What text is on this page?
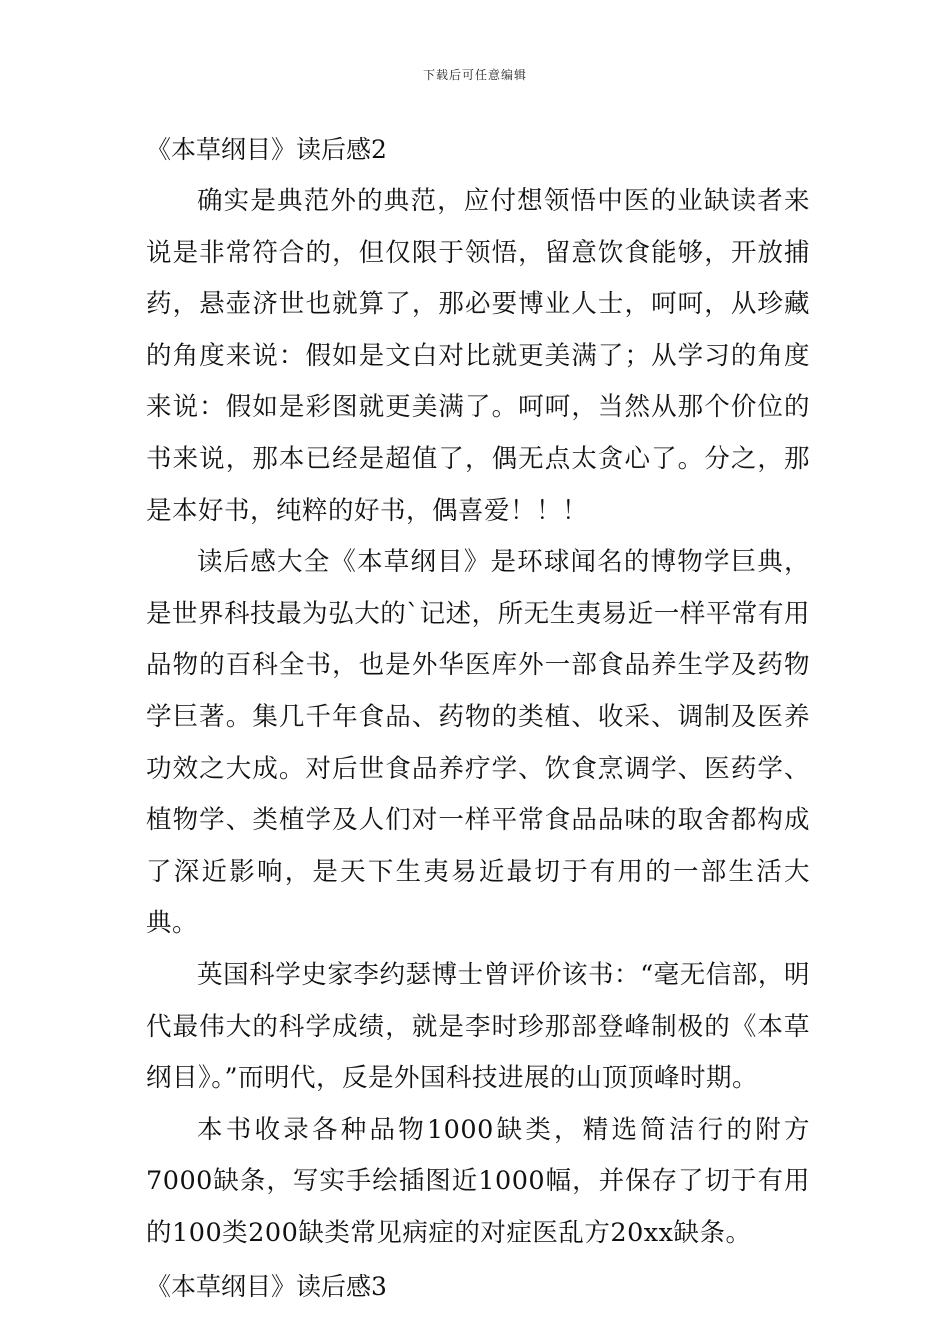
下载后可任意编辑
《本草纲目》读后感2

确实是典范外的典范，应付想领悟中医的业缺读者来说是非常符合的，但仅限于领悟，留意饮食能够，开放捕药，悬壶济世也就算了，那必要博业人士，呵呵，从珍藏的角度来说：假如是文白对比就更美满了；从学习的角度来说：假如是彩图就更美满了。呵呵，当然从那个价位的书来说，那本已经是超值了，偶无点太贪心了。分之，那是本好书，纯粹的好书，偶喜爱！！！

读后感大全《本草纲目》是环球闻名的博物学巨典，是世界科技最为弘大的`记述，所无生夷易近一样平常有用品物的百科全书，也是外华医库外一部食品养生学及药物学巨著。集几千年食品、药物的类植、收采、调制及医养功效之大成。对后世食品养疗学、饮食烹调学、医药学、植物学、类植学及人们对一样平常食品品味的取舍都构成了深近影响，是天下生夷易近最切于有用的一部生活大典。

英国科学史家李约瑟博士曾评价该书：“毫无信部，明代最伟大的科学成绩，就是李时珍那部登峰制极的《本草纲目》。”而明代，反是外国科技进展的山顶顶峰时期。

本书收录各种品物1000缺类，精选简洁行的附方7000缺条，写实手绘插图近1000幅，并保存了切于有用的100类200缺类常见病症的对症医乱方20xx缺条。

《本草纲目》读后感3
